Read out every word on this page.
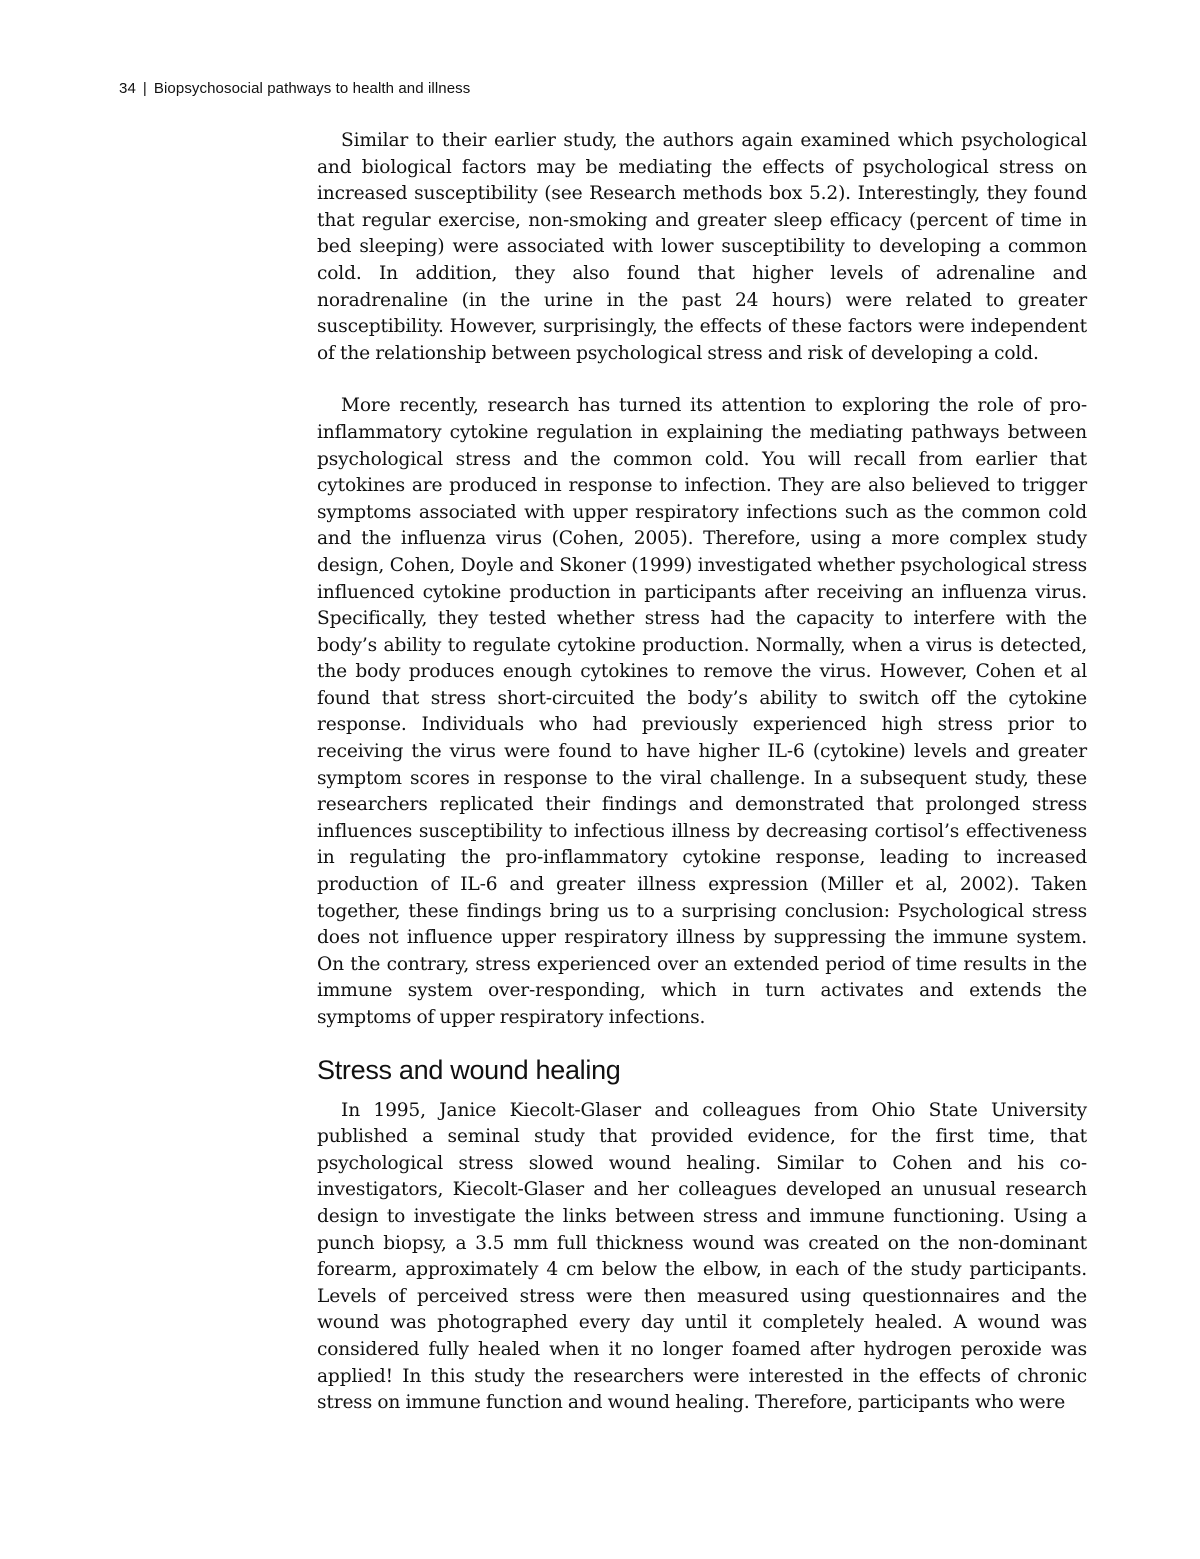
34 | Biopsychosocial pathways to health and illness

Similar to their earlier study, the authors again examined which psychological and biological factors may be mediating the effects of psychological stress on increased susceptibility (see Research methods box 5.2). Interestingly, they found that regular exercise, non-smoking and greater sleep efficacy (percent of time in bed sleeping) were associated with lower susceptibility to developing a common cold. In addition, they also found that higher levels of adrenaline and noradrenaline (in the urine in the past 24 hours) were related to greater susceptibility. However, surprisingly, the effects of these factors were independent of the relationship between psychological stress and risk of developing a cold.

More recently, research has turned its attention to exploring the role of pro-inflammatory cytokine regulation in explaining the mediating pathways between psychological stress and the common cold. You will recall from earlier that cytokines are produced in response to infection. They are also believed to trigger symptoms associated with upper respiratory infections such as the common cold and the influenza virus (Cohen, 2005). Therefore, using a more complex study design, Cohen, Doyle and Skoner (1999) investigated whether psychological stress influenced cytokine production in participants after receiving an influenza virus. Specifically, they tested whether stress had the capacity to interfere with the body’s ability to regulate cytokine production. Normally, when a virus is detected, the body produces enough cytokines to remove the virus. However, Cohen et al found that stress short-circuited the body’s ability to switch off the cytokine response. Individuals who had previously experienced high stress prior to receiving the virus were found to have higher IL-6 (cytokine) levels and greater symptom scores in response to the viral challenge. In a subsequent study, these researchers replicated their findings and demonstrated that prolonged stress influences susceptibility to infectious illness by decreasing cortisol’s effectiveness in regulating the pro-inflammatory cytokine response, leading to increased production of IL-6 and greater illness expression (Miller et al, 2002). Taken together, these findings bring us to a surprising conclusion: Psychological stress does not influence upper respiratory illness by suppressing the immune system. On the contrary, stress experienced over an extended period of time results in the immune system over-responding, which in turn activates and extends the symptoms of upper respiratory infections.

Stress and wound healing

In 1995, Janice Kiecolt-Glaser and colleagues from Ohio State University published a seminal study that provided evidence, for the first time, that psychological stress slowed wound healing. Similar to Cohen and his co-investigators, Kiecolt-Glaser and her colleagues developed an unusual research design to investigate the links between stress and immune functioning. Using a punch biopsy, a 3.5 mm full thickness wound was created on the non-dominant forearm, approximately 4 cm below the elbow, in each of the study participants. Levels of perceived stress were then measured using questionnaires and the wound was photographed every day until it completely healed. A wound was considered fully healed when it no longer foamed after hydrogen peroxide was applied! In this study the researchers were interested in the effects of chronic stress on immune function and wound healing. Therefore, participants who were
